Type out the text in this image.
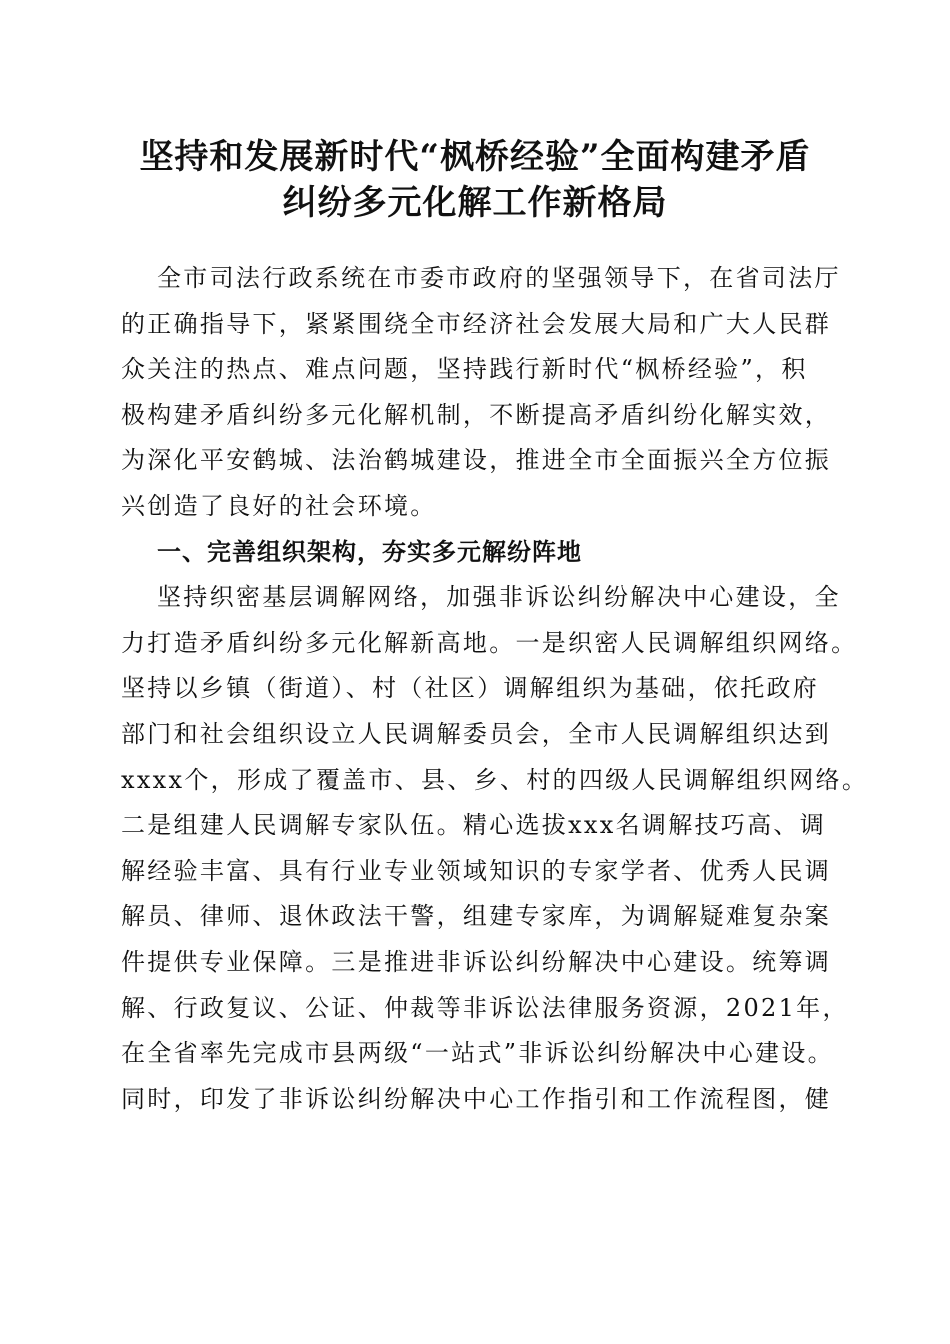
坚持和发展新时代“枫桥经验”全面构建矛盾
纠纷多元化解工作新格局
全市司法行政系统在市委市政府的坚强领导下，在省司法厅
的正确指导下，紧紧围绕全市经济社会发展大局和广大人民群
众关注的热点、难点问题，坚持践行新时代“枫桥经验”，积
极构建矛盾纠纷多元化解机制，不断提高矛盾纠纷化解实效，
为深化平安鹤城、法治鹤城建设，推进全市全面振兴全方位振
兴创造了良好的社会环境。
一、完善组织架构，夯实多元解纷阵地
坚持织密基层调解网络，加强非诉讼纠纷解决中心建设，全
力打造矛盾纠纷多元化解新高地。一是织密人民调解组织网络。
坚持以乡镇（街道）、村（社区）调解组织为基础，依托政府
部门和社会组织设立人民调解委员会，全市人民调解组织达到
xxxx个，形成了覆盖市、县、乡、村的四级人民调解组织网络。
二是组建人民调解专家队伍。精心选拔xxx名调解技巧高、调
解经验丰富、具有行业专业领域知识的专家学者、优秀人民调
解员、律师、退休政法干警，组建专家库，为调解疑难复杂案
件提供专业保障。三是推进非诉讼纠纷解决中心建设。统筹调
解、行政复议、公证、仲裁等非诉讼法律服务资源，2021年，
在全省率先完成市县两级“一站式”非诉讼纠纷解决中心建设。
同时，印发了非诉讼纠纷解决中心工作指引和工作流程图，健
